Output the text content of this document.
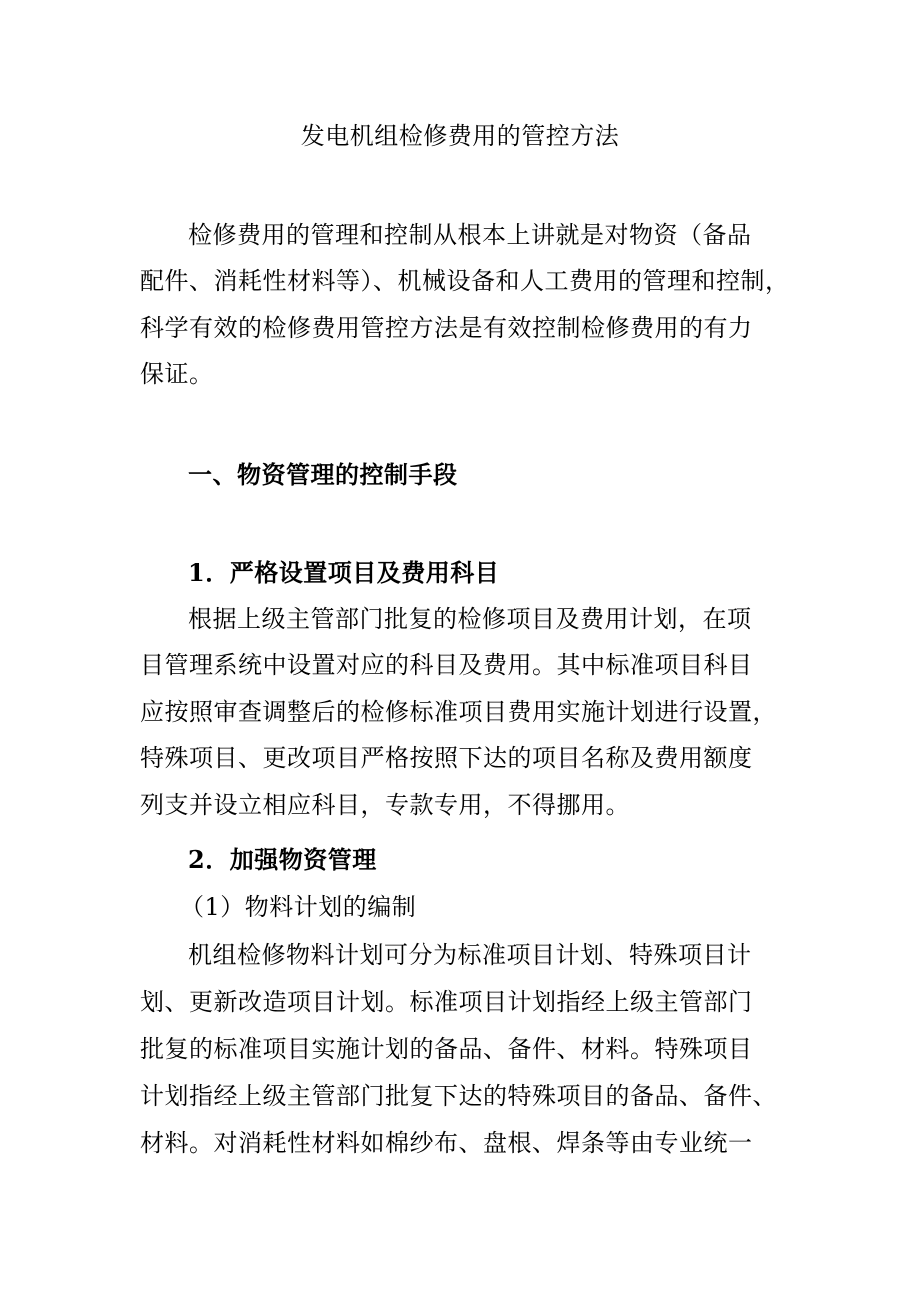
发电机组检修费用的管控方法
检修费用的管理和控制从根本上讲就是对物资（备品
配件、消耗性材料等）、机械设备和人工费用的管理和控制，
科学有效的检修费用管控方法是有效控制检修费用的有力
保证。
一、物资管理的控制手段
1．严格设置项目及费用科目
根据上级主管部门批复的检修项目及费用计划，在项
目管理系统中设置对应的科目及费用。其中标准项目科目
应按照审查调整后的检修标准项目费用实施计划进行设置，
特殊项目、更改项目严格按照下达的项目名称及费用额度
列支并设立相应科目，专款专用，不得挪用。
2．加强物资管理
（1）物料计划的编制
机组检修物料计划可分为标准项目计划、特殊项目计
划、更新改造项目计划。标准项目计划指经上级主管部门
批复的标准项目实施计划的备品、备件、材料。特殊项目
计划指经上级主管部门批复下达的特殊项目的备品、备件、
材料。对消耗性材料如棉纱布、盘根、焊条等由专业统一
